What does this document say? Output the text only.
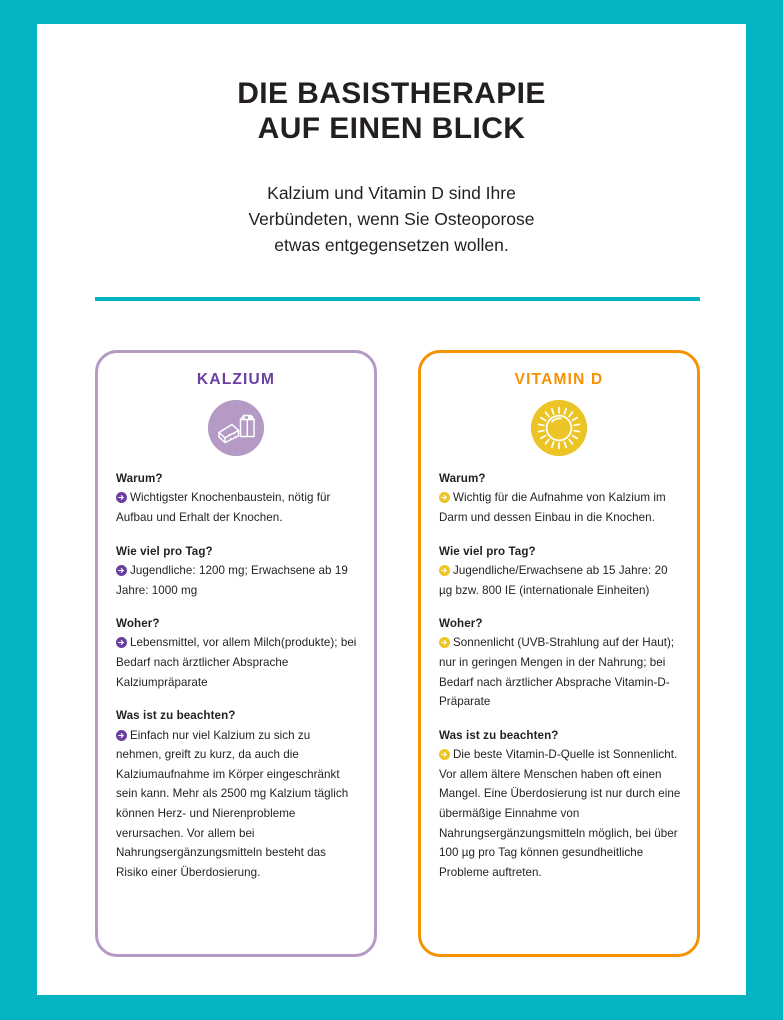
DIE BASISTHERAPIE
AUF EINEN BLICK

Kalzium und Vitamin D sind Ihre
Verbündeten, wenn Sie Osteoporose
etwas entgegensetzen wollen.

KALZIUM
Warum?
Wichtigster Knochenbaustein, nötig für Aufbau und Erhalt der Knochen.
Wie viel pro Tag?
Jugendliche: 1200 mg; Erwachsene ab 19 Jahre: 1000 mg
Woher?
Lebensmittel, vor allem Milch(produkte); bei Bedarf nach ärztlicher Absprache Kalziumpräparate
Was ist zu beachten?
Einfach nur viel Kalzium zu sich zu nehmen, greift zu kurz, da auch die Kalziumaufnahme im Körper eingeschränkt sein kann. Mehr als 2500 mg Kalzium täglich können Herz- und Nierenprobleme verursachen. Vor allem bei Nahrungsergänzungsmitteln besteht das Risiko einer Überdosierung.
VITAMIN D
Warum?
Wichtig für die Aufnahme von Kalzium im Darm und dessen Einbau in die Knochen.
Wie viel pro Tag?
Jugendliche/Erwachsene ab 15 Jahre: 20 µg bzw. 800 IE (internationale Einheiten)
Woher?
Sonnenlicht (UVB-Strahlung auf der Haut); nur in geringen Mengen in der Nahrung; bei Bedarf nach ärztlicher Absprache Vitamin-D-Präparate
Was ist zu beachten?
Die beste Vitamin-D-Quelle ist Sonnenlicht. Vor allem ältere Menschen haben oft einen Mangel. Eine Überdosierung ist nur durch eine übermäßige Einnahme von Nahrungsergänzungsmitteln möglich, bei über 100 µg pro Tag können gesundheitliche Probleme auftreten.
